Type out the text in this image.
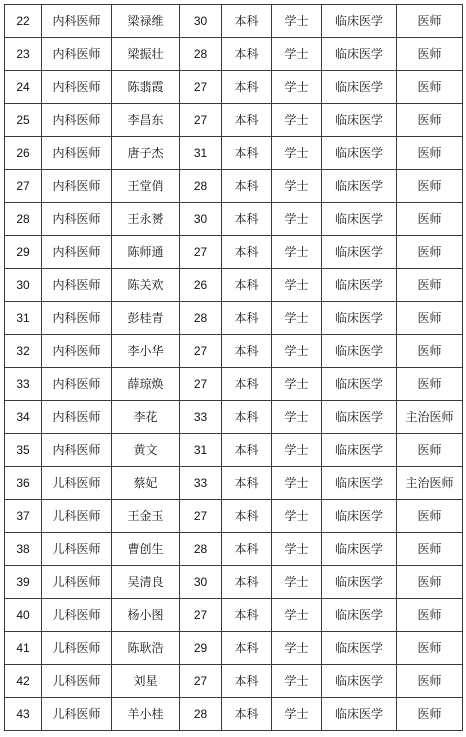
22	内科医师	梁禄维	30	本科	学士	临床医学	医师
23	内科医师	梁振壮	28	本科	学士	临床医学	医师
24	内科医师	陈翡霞	27	本科	学士	临床医学	医师
25	内科医师	李昌东	27	本科	学士	临床医学	医师
26	内科医师	唐子杰	31	本科	学士	临床医学	医师
27	内科医师	王堂俏	28	本科	学士	临床医学	医师
28	内科医师	王永赟	30	本科	学士	临床医学	医师
29	内科医师	陈师通	27	本科	学士	临床医学	医师
30	内科医师	陈关欢	26	本科	学士	临床医学	医师
31	内科医师	彭桂青	28	本科	学士	临床医学	医师
32	内科医师	李小华	27	本科	学士	临床医学	医师
33	内科医师	薛琼焕	27	本科	学士	临床医学	医师
34	内科医师	李花	33	本科	学士	临床医学	主治医师
35	内科医师	黄文	31	本科	学士	临床医学	医师
36	儿科医师	蔡妃	33	本科	学士	临床医学	主治医师
37	儿科医师	王金玉	27	本科	学士	临床医学	医师
38	儿科医师	曹创生	28	本科	学士	临床医学	医师
39	儿科医师	吴清良	30	本科	学士	临床医学	医师
40	儿科医师	杨小图	27	本科	学士	临床医学	医师
41	儿科医师	陈耿浩	29	本科	学士	临床医学	医师
42	儿科医师	刘星	27	本科	学士	临床医学	医师
43	儿科医师	羊小桂	28	本科	学士	临床医学	医师
